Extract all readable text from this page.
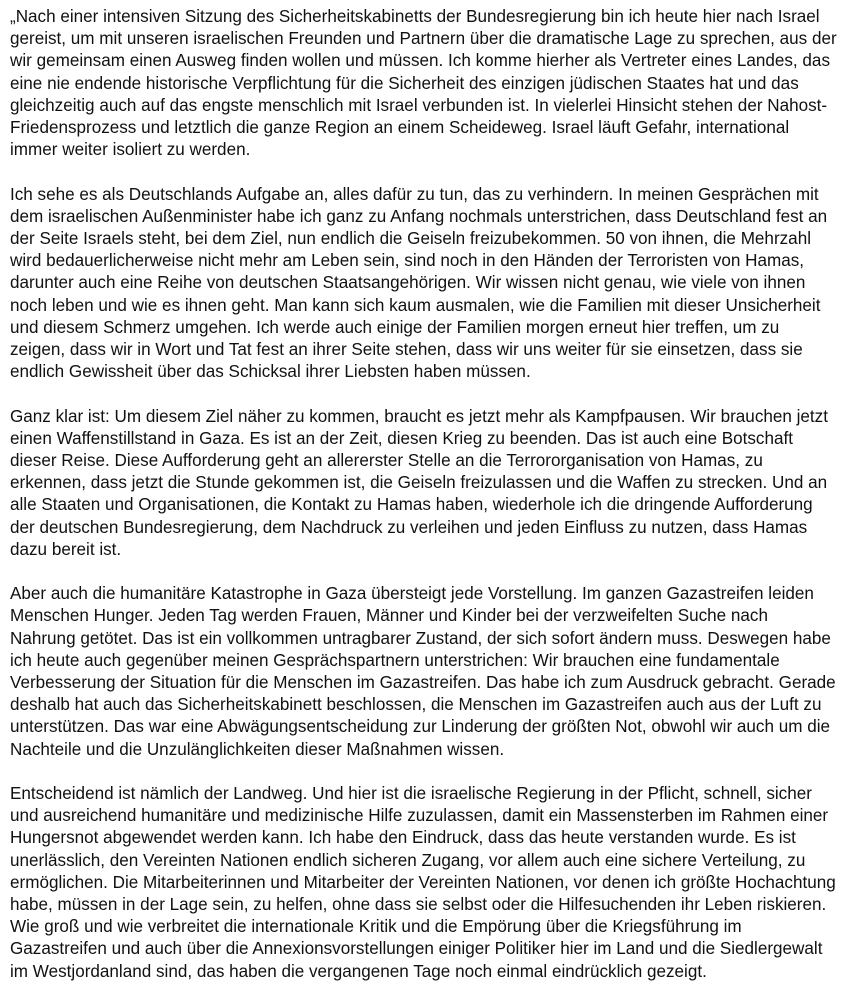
„Nach einer intensiven Sitzung des Sicherheitskabinetts der Bundesregierung bin ich heute hier nach Israel gereist, um mit unseren israelischen Freunden und Partnern über die dramatische Lage zu sprechen, aus der wir gemeinsam einen Ausweg finden wollen und müssen. Ich komme hierher als Vertreter eines Landes, das eine nie endende historische Verpflichtung für die Sicherheit des einzigen jüdischen Staates hat und das gleichzeitig auch auf das engste menschlich mit Israel verbunden ist. In vielerlei Hinsicht stehen der Nahost-Friedensprozess und letztlich die ganze Region an einem Scheideweg. Israel läuft Gefahr, international immer weiter isoliert zu werden.

Ich sehe es als Deutschlands Aufgabe an, alles dafür zu tun, das zu verhindern. In meinen Gesprächen mit dem israelischen Außenminister habe ich ganz zu Anfang nochmals unterstrichen, dass Deutschland fest an der Seite Israels steht, bei dem Ziel, nun endlich die Geiseln freizubekommen. 50 von ihnen, die Mehrzahl wird bedauerlicherweise nicht mehr am Leben sein, sind noch in den Händen der Terroristen von Hamas, darunter auch eine Reihe von deutschen Staatsangehörigen. Wir wissen nicht genau, wie viele von ihnen noch leben und wie es ihnen geht. Man kann sich kaum ausmalen, wie die Familien mit dieser Unsicherheit und diesem Schmerz umgehen. Ich werde auch einige der Familien morgen erneut hier treffen, um zu zeigen, dass wir in Wort und Tat fest an ihrer Seite stehen, dass wir uns weiter für sie einsetzen, dass sie endlich Gewissheit über das Schicksal ihrer Liebsten haben müssen.

Ganz klar ist: Um diesem Ziel näher zu kommen, braucht es jetzt mehr als Kampfpausen. Wir brauchen jetzt einen Waffenstillstand in Gaza. Es ist an der Zeit, diesen Krieg zu beenden. Das ist auch eine Botschaft dieser Reise. Diese Aufforderung geht an allererster Stelle an die Terrororganisation von Hamas, zu erkennen, dass jetzt die Stunde gekommen ist, die Geiseln freizulassen und die Waffen zu strecken. Und an alle Staaten und Organisationen, die Kontakt zu Hamas haben, wiederhole ich die dringende Aufforderung der deutschen Bundesregierung, dem Nachdruck zu verleihen und jeden Einfluss zu nutzen, dass Hamas dazu bereit ist.

Aber auch die humanitäre Katastrophe in Gaza übersteigt jede Vorstellung. Im ganzen Gazastreifen leiden Menschen Hunger. Jeden Tag werden Frauen, Männer und Kinder bei der verzweifelten Suche nach Nahrung getötet. Das ist ein vollkommen untragbarer Zustand, der sich sofort ändern muss. Deswegen habe ich heute auch gegenüber meinen Gesprächspartnern unterstrichen: Wir brauchen eine fundamentale Verbesserung der Situation für die Menschen im Gazastreifen. Das habe ich zum Ausdruck gebracht. Gerade deshalb hat auch das Sicherheitskabinett beschlossen, die Menschen im Gazastreifen auch aus der Luft zu unterstützen. Das war eine Abwägungsentscheidung zur Linderung der größten Not, obwohl wir auch um die Nachteile und die Unzulänglichkeiten dieser Maßnahmen wissen.

Entscheidend ist nämlich der Landweg. Und hier ist die israelische Regierung in der Pflicht, schnell, sicher und ausreichend humanitäre und medizinische Hilfe zuzulassen, damit ein Massensterben im Rahmen einer Hungersnot abgewendet werden kann. Ich habe den Eindruck, dass das heute verstanden wurde. Es ist unerlässlich, den Vereinten Nationen endlich sicheren Zugang, vor allem auch eine sichere Verteilung, zu ermöglichen. Die Mitarbeiterinnen und Mitarbeiter der Vereinten Nationen, vor denen ich größte Hochachtung habe, müssen in der Lage sein, zu helfen, ohne dass sie selbst oder die Hilfesuchenden ihr Leben riskieren. Wie groß und wie verbreitet die internationale Kritik und die Empörung über die Kriegsführung im Gazastreifen und auch über die Annexionsvorstellungen einiger Politiker hier im Land und die Siedlergewalt im Westjordanland sind, das haben die vergangenen Tage noch einmal eindrücklich gezeigt.
